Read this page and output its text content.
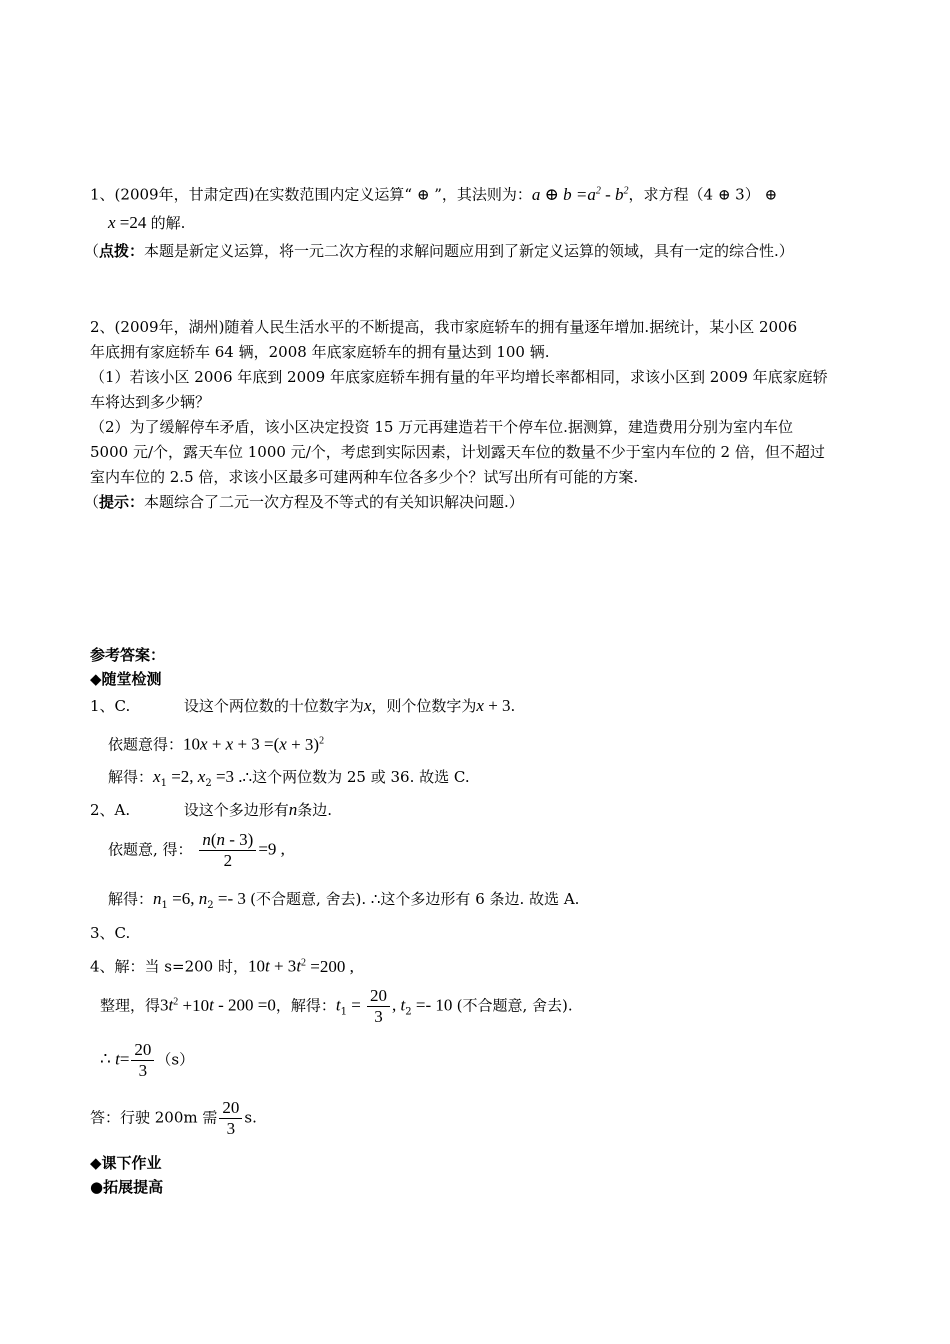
1、(2009年，甘肃定西)在实数范围内定义运算“ ⊕ ”，其法则为：a ⊕ $b =a^2 - b^2$，求方程（4 ⊕ 3） ⊕
x =24 的解.
（点拨：本题是新定义运算，将一元二次方程的求解问题应用到了新定义运算的领域，具有一定的综合性.）
2、(2009年，湖州)随着人民生活水平的不断提高，我市家庭轿车的拥有量逐年增加.据统计，某小区 2006
年底拥有家庭轿车 64 辆，2008 年底家庭轿车的拥有量达到 100 辆.
（1）若该小区 2006 年底到 2009 年底家庭轿车拥有量的年平均增长率都相同，求该小区到 2009 年底家庭轿
车将达到多少辆？
（2）为了缓解停车矛盾，该小区决定投资 15 万元再建造若干个停车位.据测算，建造费用分别为室内车位
5000 元/个，露天车位 1000 元/个，考虑到实际因素，计划露天车位的数量不少于室内车位的 2 倍，但不超过
室内车位的 2.5 倍，求该小区最多可建两种车位各多少个？试写出所有可能的方案.
（提示：本题综合了二元一次方程及不等式的有关知识解决问题.）
参考答案：
◆随堂检测
1、C.	设这个两位数的十位数字为x，则个位数字为x + 3.
依题意得：$10x + x + 3 =(x + 3)^2$
解得：$x_1 =2$, $x_2 =3$ .∴这个两位数为 25 或 36. 故选 C.
2、A.	设这个多边形有n条边.
依题意, 得： $\frac{n(n - 3)}{2} =9$ ,
解得：$n_1 =6$, $n_2 =- 3$ (不合题意, 舍去). ∴这个多边形有 6 条边. 故选 A.
3、C.
4、解：当 s=200 时，$10t + 3t^2 =200$ ,
整理，得$3t^2 +10t - 200 =0$，解得：$t_1 = \frac{20}{3}$ , $t_2 =- 10$ (不合题意, 舍去).
∴ $t= \frac{20}{3} (s)$
答：行驶 200m 需 $\frac{20}{3} s$.
◆课下作业
●拓展提高
